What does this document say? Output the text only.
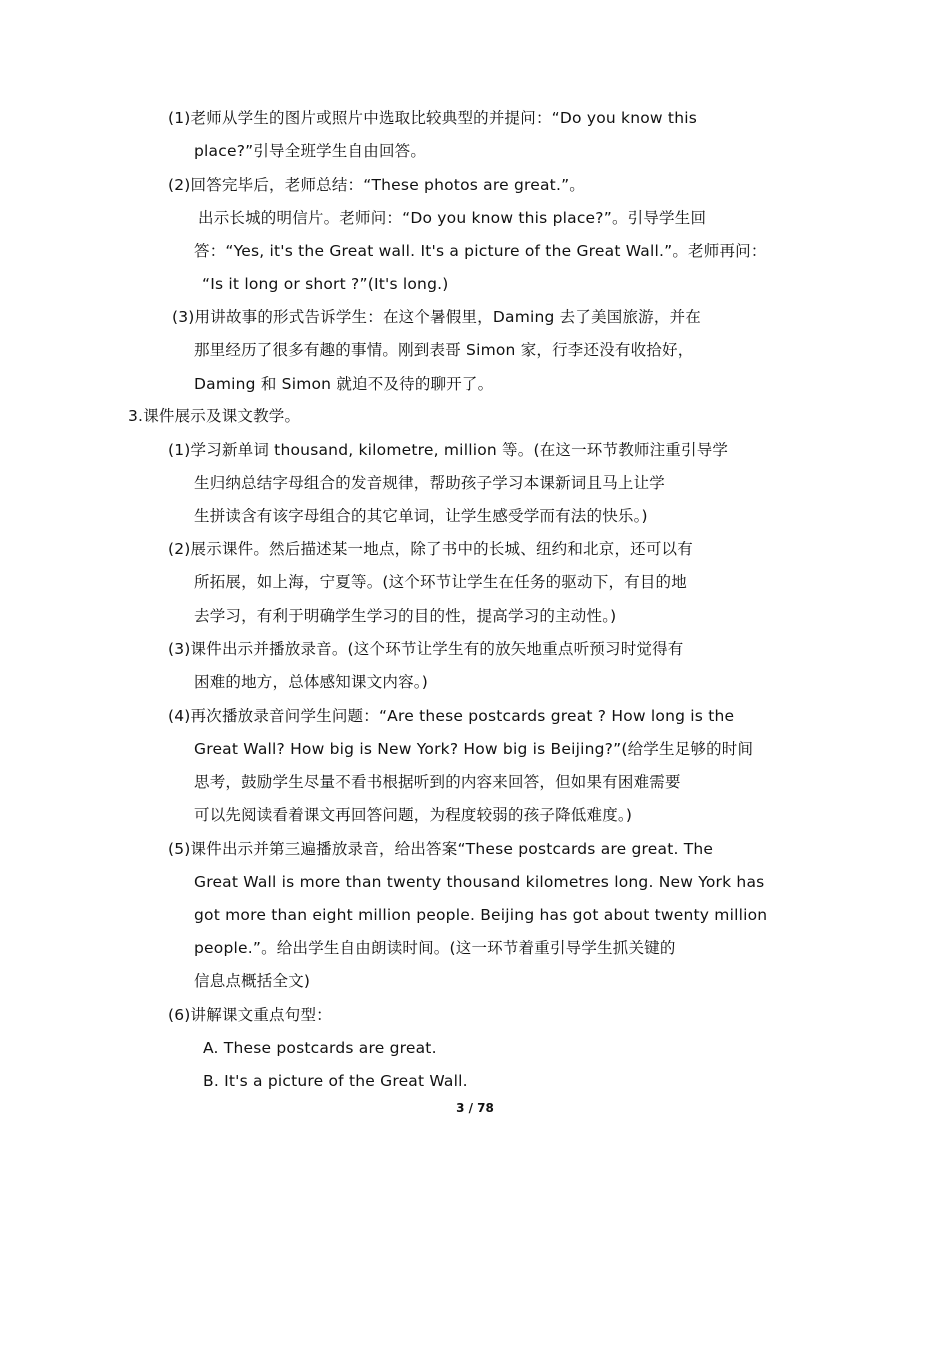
(1)老师从学生的图片或照片中选取比较典型的并提问：“Do you know this
place?”引导全班学生自由回答。
(2)回答完毕后，老师总结：“These photos are great.”。
出示长城的明信片。老师问：“Do you know this place?”。引导学生回
答：“Yes, it's the Great wall. It's a picture of the Great Wall.”。老师再问：
“Is it long or short ?”(It's long.)
(3)用讲故事的形式告诉学生：在这个暑假里，Daming 去了美国旅游，并在
那里经历了很多有趣的事情。刚到表哥 Simon 家，行李还没有收拾好，
Daming 和 Simon 就迫不及待的聊开了。
3.课件展示及课文教学。
(1)学习新单词 thousand, kilometre, million 等。(在这一环节教师注重引导学
生归纳总结字母组合的发音规律，帮助孩子学习本课新词且马上让学
生拼读含有该字母组合的其它单词，让学生感受学而有法的快乐。)
(2)展示课件。然后描述某一地点，除了书中的长城、纽约和北京，还可以有
所拓展，如上海，宁夏等。(这个环节让学生在任务的驱动下，有目的地
去学习，有利于明确学生学习的目的性，提高学习的主动性。)
(3)课件出示并播放录音。(这个环节让学生有的放矢地重点听预习时觉得有
困难的地方，总体感知课文内容。)
(4)再次播放录音问学生问题：“Are these postcards great ? How long is the
Great Wall? How big is New York? How big is Beijing?”(给学生足够的时间
思考，鼓励学生尽量不看书根据听到的内容来回答，但如果有困难需要
可以先阅读看着课文再回答问题，为程度较弱的孩子降低难度。)
(5)课件出示并第三遍播放录音，给出答案“These postcards are great. The
Great Wall is more than twenty thousand kilometres long. New York has
got more than eight million people. Beijing has got about twenty million
people.”。给出学生自由朗读时间。(这一环节着重引导学生抓关键的
信息点概括全文)
(6)讲解课文重点句型：
A. These postcards are great.
B. It's a picture of the Great Wall.
3 / 78
